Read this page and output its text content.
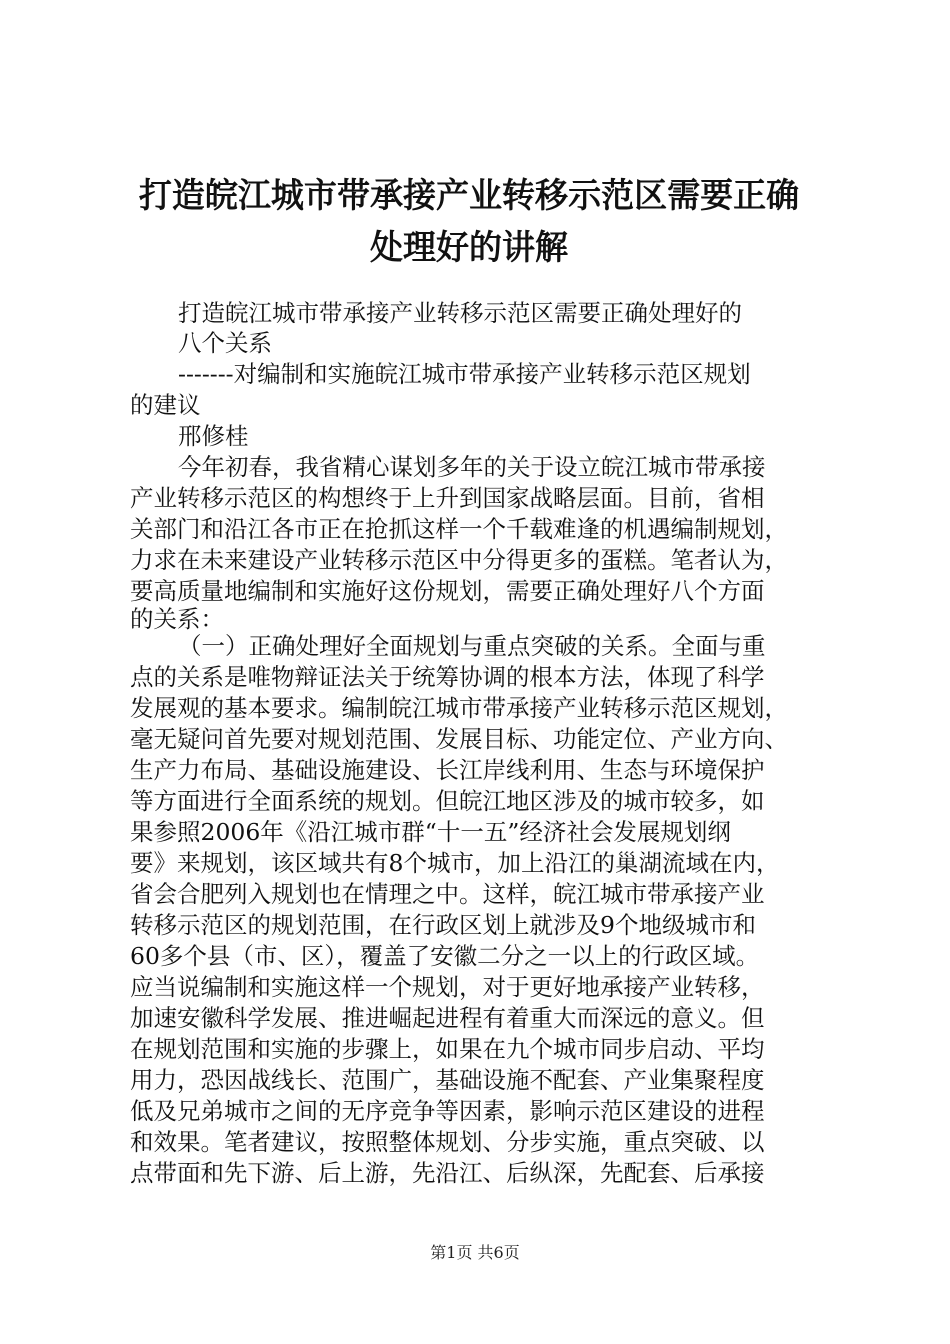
打造皖江城市带承接产业转移示范区需要正确
处理好的讲解
打造皖江城市带承接产业转移示范区需要正确处理好的
八个关系
-------对编制和实施皖江城市带承接产业转移示范区规划
的建议
邢修桂
今年初春，我省精心谋划多年的关于设立皖江城市带承接
产业转移示范区的构想终于上升到国家战略层面。目前，省相
关部门和沿江各市正在抢抓这样一个千载难逢的机遇编制规划，
力求在未来建设产业转移示范区中分得更多的蛋糕。笔者认为，
要高质量地编制和实施好这份规划，需要正确处理好八个方面
的关系：
（一）正确处理好全面规划与重点突破的关系。全面与重
点的关系是唯物辩证法关于统筹协调的根本方法，体现了科学
发展观的基本要求。编制皖江城市带承接产业转移示范区规划，
毫无疑问首先要对规划范围、发展目标、功能定位、产业方向、
生产力布局、基础设施建设、长江岸线利用、生态与环境保护
等方面进行全面系统的规划。但皖江地区涉及的城市较多，如
果参照2006年《沿江城市群“十一五”经济社会发展规划纲
要》来规划，该区域共有8个城市，加上沿江的巢湖流域在内，
省会合肥列入规划也在情理之中。这样，皖江城市带承接产业
转移示范区的规划范围，在行政区划上就涉及9个地级城市和
60多个县（市、区），覆盖了安徽二分之一以上的行政区域。
应当说编制和实施这样一个规划，对于更好地承接产业转移，
加速安徽科学发展、推进崛起进程有着重大而深远的意义。但
在规划范围和实施的步骤上，如果在九个城市同步启动、平均
用力，恐因战线长、范围广，基础设施不配套、产业集聚程度
低及兄弟城市之间的无序竞争等因素，影响示范区建设的进程
和效果。笔者建议，按照整体规划、分步实施，重点突破、以
点带面和先下游、后上游，先沿江、后纵深，先配套、后承接
第1页 共6页
